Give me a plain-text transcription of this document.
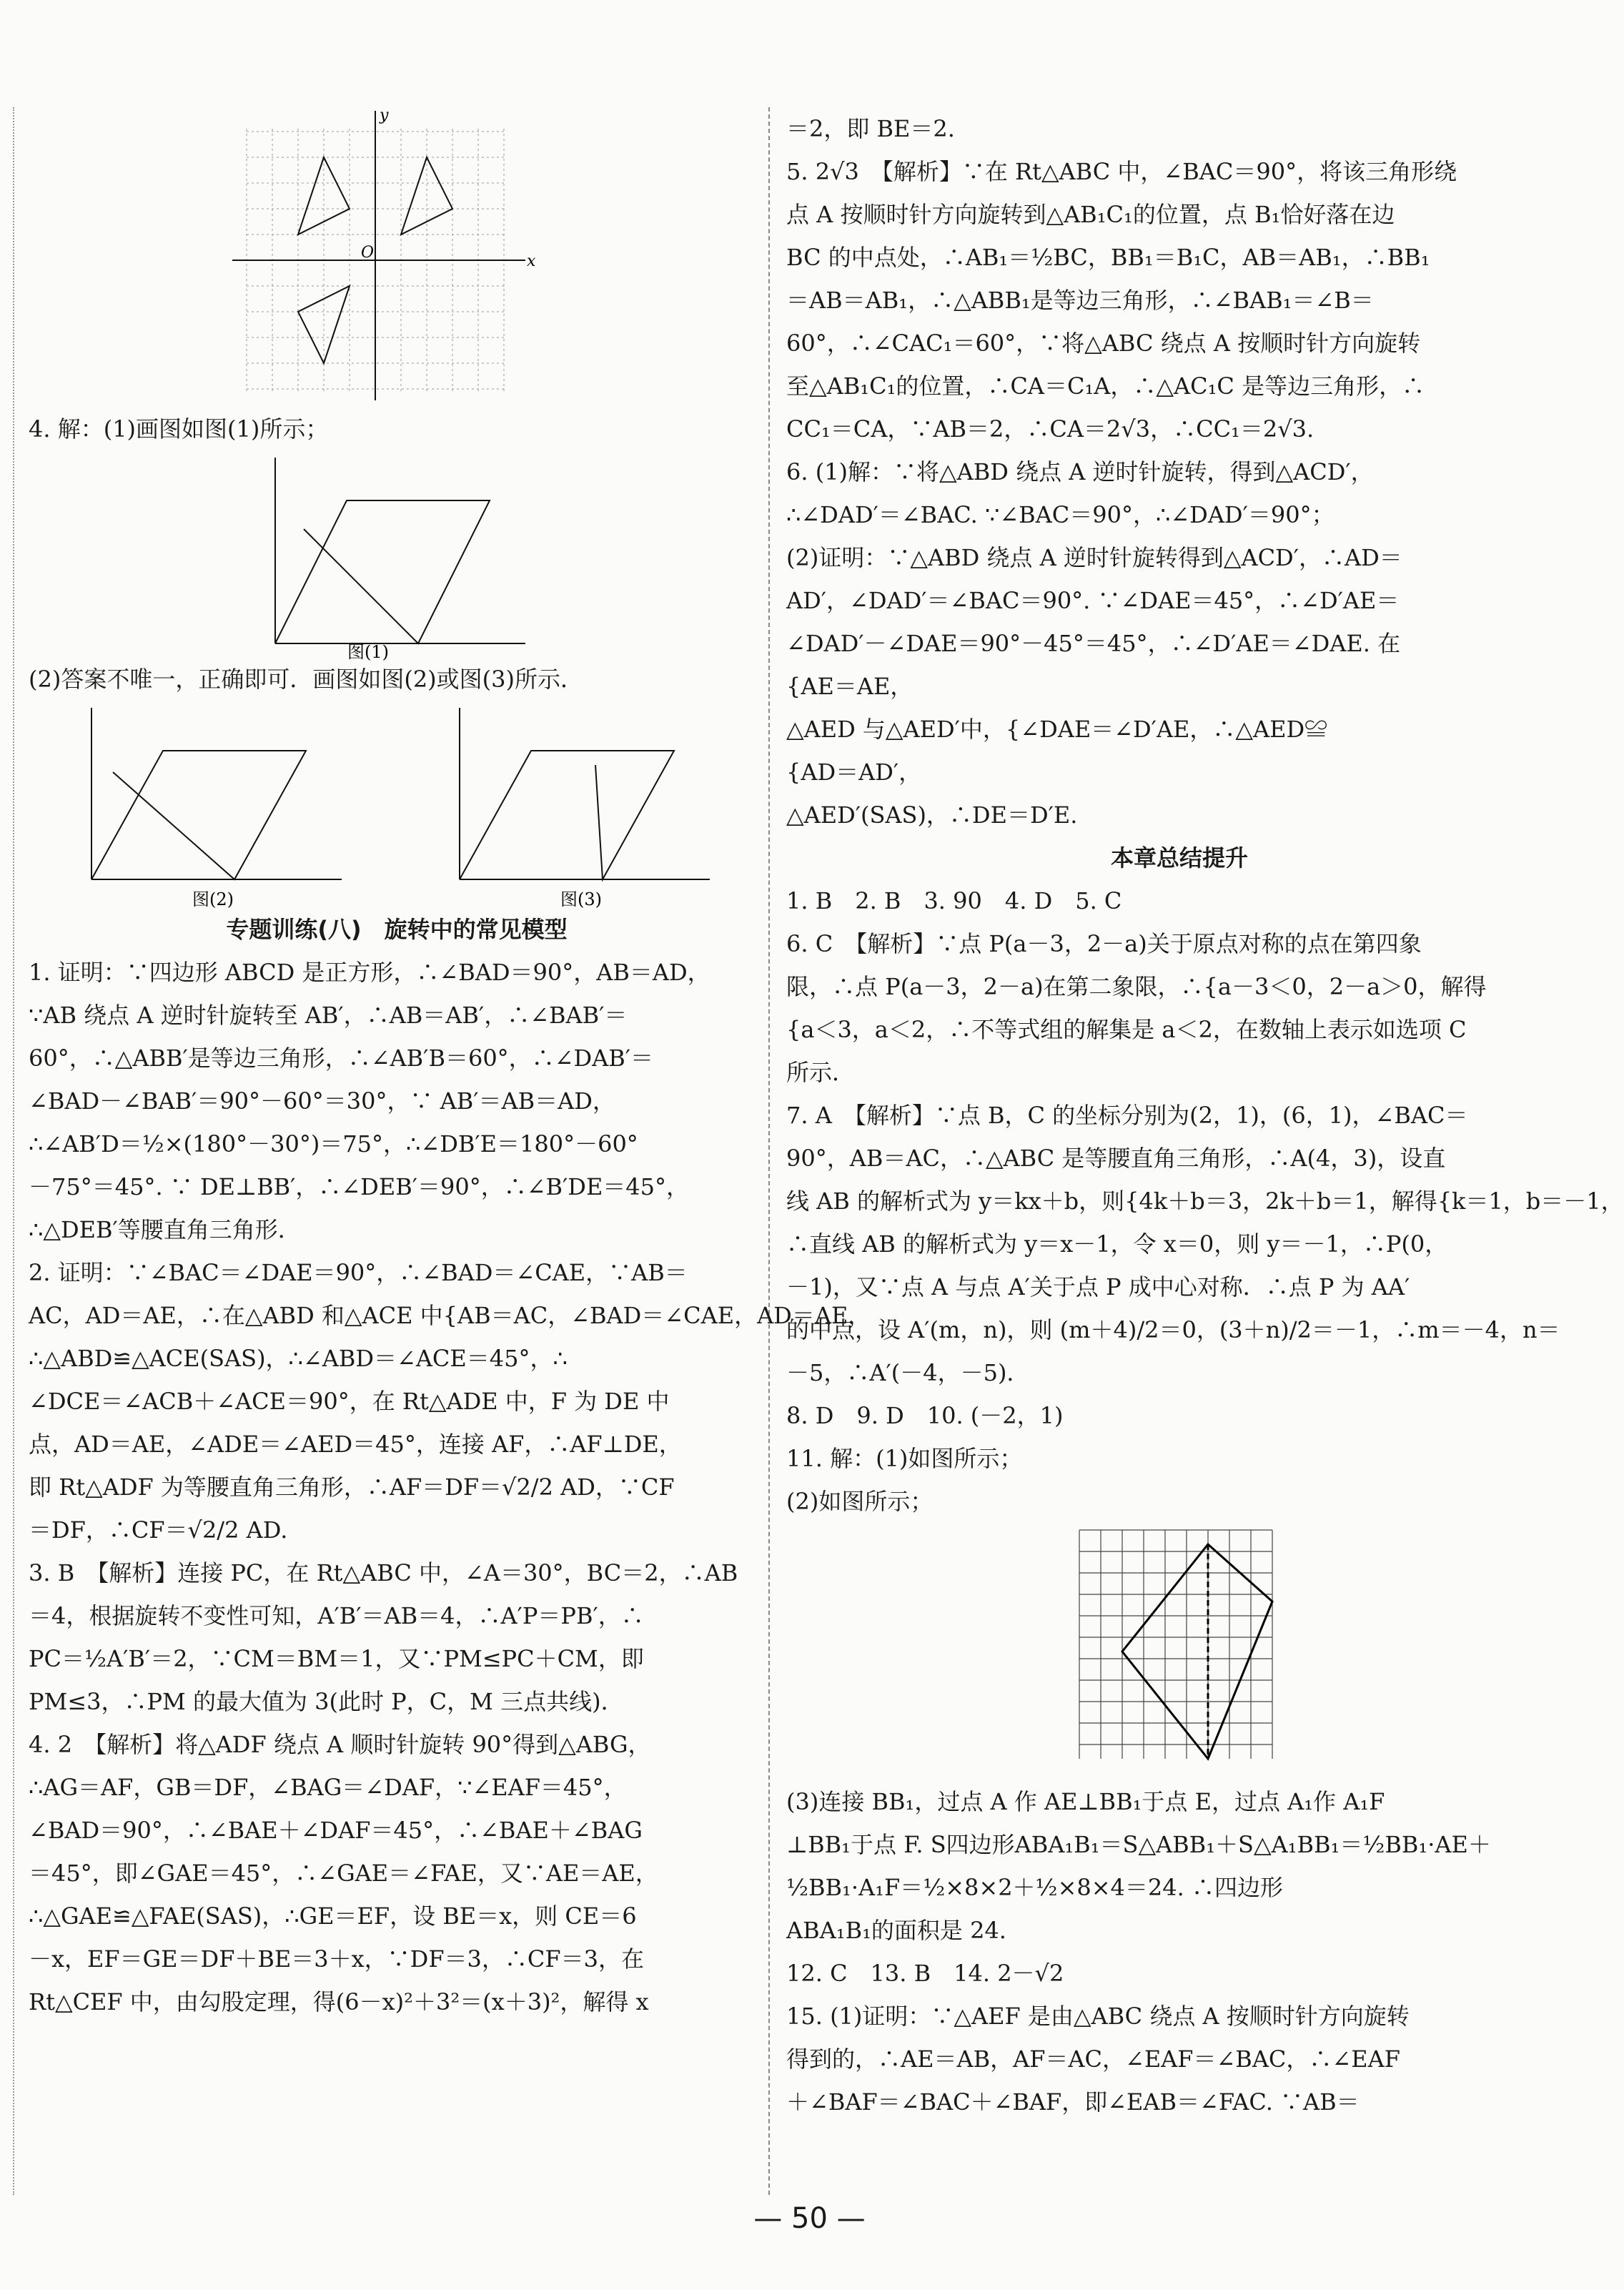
x
y
O

4. 解：(1)画图如图(1)所示；

图(1)

(2)答案不唯一，正确即可．画图如图(2)或图(3)所示．

图(2)	图(3)

专题训练(八)　旋转中的常见模型

1. 证明：∵四边形 ABCD 是正方形，∴∠BAD＝90°，AB＝AD，

∵AB 绕点 A 逆时针旋转至 AB′，∴AB＝AB′，∴∠BAB′＝

60°，∴△ABB′是等边三角形，∴∠AB′B＝60°，∴∠DAB′＝

∠BAD－∠BAB′＝90°－60°＝30°，∵ AB′＝AB＝AD，

∴∠AB′D＝½×(180°－30°)＝75°，∴∠DB′E＝180°－60°

－75°＝45°. ∵ DE⊥BB′，∴∠DEB′＝90°，∴∠B′DE＝45°，

∴△DEB′等腰直角三角形．

2. 证明：∵∠BAC＝∠DAE＝90°，∴∠BAD＝∠CAE，∵AB＝

AC，AD＝AE，∴在△ABD 和△ACE 中{AB＝AC，∠BAD＝∠CAE，AD＝AE，

∴△ABD≌△ACE(SAS)，∴∠ABD＝∠ACE＝45°，∴

∠DCE＝∠ACB＋∠ACE＝90°，在 Rt△ADE 中，F 为 DE 中

点，AD＝AE，∠ADE＝∠AED＝45°，连接 AF，∴AF⊥DE，

即 Rt△ADF 为等腰直角三角形，∴AF＝DF＝√2/2 AD，∵CF

＝DF，∴CF＝√2/2 AD.

3. B　【解析】连接 PC，在 Rt△ABC 中，∠A＝30°，BC＝2，∴AB

＝4，根据旋转不变性可知，A′B′＝AB＝4，∴A′P＝PB′，∴

PC＝½A′B′＝2，∵CM＝BM＝1，又∵PM≤PC＋CM，即

PM≤3，∴PM 的最大值为 3(此时 P，C，M 三点共线)．

4. 2　【解析】将△ADF 绕点 A 顺时针旋转 90°得到△ABG，

∴AG＝AF，GB＝DF，∠BAG＝∠DAF，∵∠EAF＝45°，

∠BAD＝90°，∴∠BAE＋∠DAF＝45°，∴∠BAE＋∠BAG

＝45°，即∠GAE＝45°，∴∠GAE＝∠FAE，又∵AE＝AE，

∴△GAE≌△FAE(SAS)，∴GE＝EF，设 BE＝x，则 CE＝6

－x，EF＝GE＝DF＋BE＝3＋x，∵DF＝3，∴CF＝3，在

Rt△CEF 中，由勾股定理，得(6－x)²＋3²＝(x＋3)²，解得 x

＝2，即 BE＝2.

5. 2√3　【解析】∵在 Rt△ABC 中，∠BAC＝90°，将该三角形绕

点 A 按顺时针方向旋转到△AB₁C₁的位置，点 B₁恰好落在边

BC 的中点处，∴AB₁＝½BC，BB₁＝B₁C，AB＝AB₁，∴BB₁

＝AB＝AB₁，∴△ABB₁是等边三角形，∴∠BAB₁＝∠B＝

60°，∴∠CAC₁＝60°，∵将△ABC 绕点 A 按顺时针方向旋转

至△AB₁C₁的位置，∴CA＝C₁A，∴△AC₁C 是等边三角形，∴

CC₁＝CA，∵AB＝2，∴CA＝2√3，∴CC₁＝2√3.

6. (1)解：∵将△ABD 绕点 A 逆时针旋转，得到△ACD′，

∴∠DAD′＝∠BAC. ∵∠BAC＝90°，∴∠DAD′＝90°；

(2)证明：∵△ABD 绕点 A 逆时针旋转得到△ACD′，∴AD＝

AD′，∠DAD′＝∠BAC＝90°. ∵∠DAE＝45°，∴∠D′AE＝

∠DAD′－∠DAE＝90°－45°＝45°，∴∠D′AE＝∠DAE. 在

{AE＝AE，

△AED 与△AED′中，{∠DAE＝∠D′AE，∴△AED≌

{AD＝AD′，

△AED′(SAS)，∴DE＝D′E.

本章总结提升

1. B　2. B　3. 90　4. D　5. C

6. C　【解析】∵点 P(a－3，2－a)关于原点对称的点在第四象

限，∴点 P(a－3，2－a)在第二象限，∴{a－3＜0，2－a＞0，解得

{a＜3，a＜2，∴不等式组的解集是 a＜2，在数轴上表示如选项 C

所示．

7. A　【解析】∵点 B，C 的坐标分别为(2，1)，(6，1)，∠BAC＝

90°，AB＝AC，∴△ABC 是等腰直角三角形，∴A(4，3)，设直

线 AB 的解析式为 y＝kx＋b，则{4k＋b＝3，2k＋b＝1，解得{k＝1，b＝－1，

∴直线 AB 的解析式为 y＝x－1，令 x＝0，则 y＝－1，∴P(0，

－1)，又∵点 A 与点 A′关于点 P 成中心对称．∴点 P 为 AA′

的中点，设 A′(m，n)，则 (m＋4)/2＝0，(3＋n)/2＝－1，∴m＝－4，n＝

－5，∴A′(－4，－5)．

8. D　9. D　10. (－2，1)

11. 解：(1)如图所示；

(2)如图所示；

(3)连接 BB₁，过点 A 作 AE⊥BB₁于点 E，过点 A₁作 A₁F

⊥BB₁于点 F. S四边形ABA₁B₁＝S△ABB₁＋S△A₁BB₁＝½BB₁·AE＋

½BB₁·A₁F＝½×8×2＋½×8×4＝24. ∴四边形

ABA₁B₁的面积是 24.

12. C　13. B　14. 2－√2

15. (1)证明：∵△AEF 是由△ABC 绕点 A 按顺时针方向旋转

得到的，∴AE＝AB，AF＝AC，∠EAF＝∠BAC，∴∠EAF

＋∠BAF＝∠BAC＋∠BAF，即∠EAB＝∠FAC. ∵AB＝

— 50 —
